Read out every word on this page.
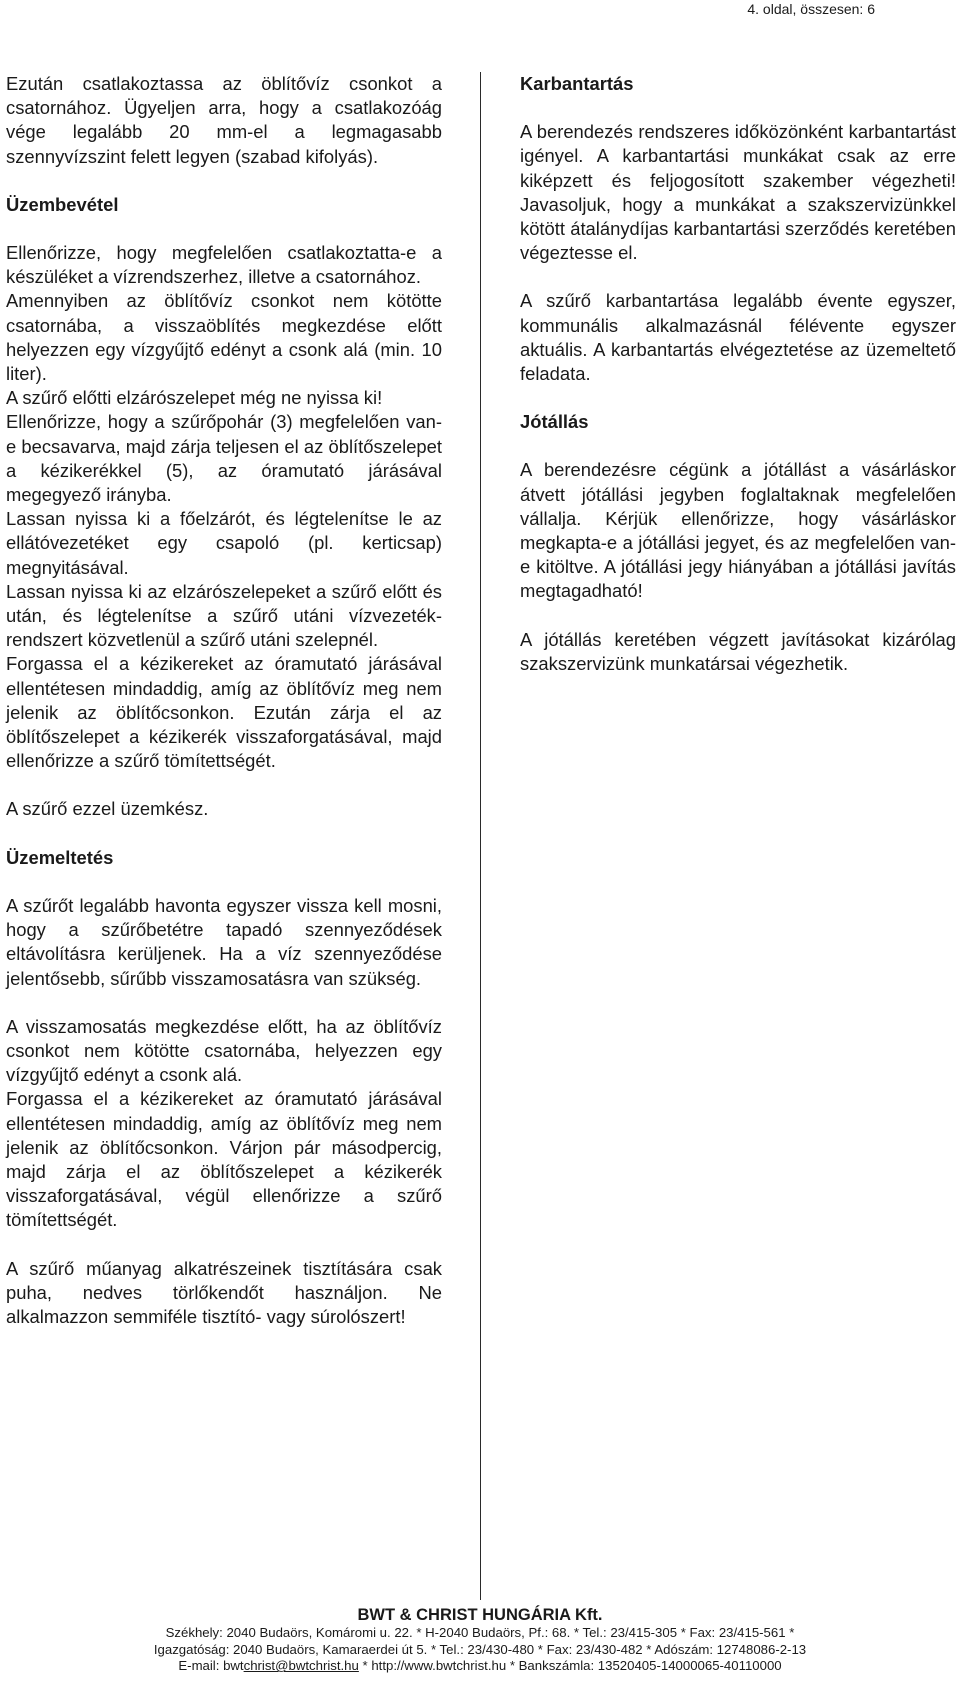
4. oldal, összesen: 6

Ezután csatlakoztassa az öblítővíz csonkot a csatornához. Ügyeljen arra, hogy a csatlakozóág vége legalább 20 mm-el a legmagasabb szennyvízszint felett legyen (szabad kifolyás).

Üzembevétel

Ellenőrizze, hogy megfelelően csatlakoztatta-e a készüléket a vízrendszerhez, illetve a csatornához.

Amennyiben az öblítővíz csonkot nem kötötte csatornába, a visszaöblítés megkezdése előtt helyezzen egy vízgyűjtő edényt a csonk alá (min. 10 liter).

A szűrő előtti elzárószelepet még ne nyissa ki!

Ellenőrizze, hogy a szűrőpohár (3) megfelelően van-e becsavarva, majd zárja teljesen el az öblítőszelepet a kézikerékkel (5), az óramutató járásával megegyező irányba.

Lassan nyissa ki a főelzárót, és légtelenítse le az ellátóvezetéket egy csapoló (pl. kerticsap) megnyitásával.

Lassan nyissa ki az elzárószelepeket a szűrő előtt és után, és légtelenítse a szűrő utáni vízvezeték-rendszert közvetlenül a szűrő utáni szelepnél.

Forgassa el a kézikereket az óramutató járásával ellentétesen mindaddig, amíg az öblítővíz meg nem jelenik az öblítőcsonkon. Ezután zárja el az öblítőszelepet a kézikerék visszaforgatásával, majd ellenőrizze a szűrő tömítettségét.

A szűrő ezzel üzemkész.

Üzemeltetés

A szűrőt legalább havonta egyszer vissza kell mosni, hogy a szűrőbetétre tapadó szennyeződések eltávolításra kerüljenek. Ha a víz szennyeződése jelentősebb, sűrűbb visszamosatásra van szükség.

A visszamosatás megkezdése előtt, ha az öblítővíz csonkot nem kötötte csatornába, helyezzen egy vízgyűjtő edényt a csonk alá.

Forgassa el a kézikereket az óramutató járásával ellentétesen mindaddig, amíg az öblítővíz meg nem jelenik az öblítőcsonkon. Várjon pár másodpercig, majd zárja el az öblítőszelepet a kézikerék visszaforgatásával, végül ellenőrizze a szűrő tömítettségét.

A szűrő műanyag alkatrészeinek tisztítására csak puha, nedves törlőkendőt használjon. Ne alkalmazzon semmiféle tisztító- vagy súrolószert!

Karbantartás

A berendezés rendszeres időközönként karbantartást igényel. A karbantartási munkákat csak az erre kiképzett és feljogosított szakember végezheti! Javasoljuk, hogy a munkákat a szakszervizünkkel kötött átalánydíjas karbantartási szerződés keretében végeztesse el.

A szűrő karbantartása legalább évente egyszer, kommunális alkalmazásnál félévente egyszer aktuális. A karbantartás elvégeztetése az üzemeltető feladata.

Jótállás

A berendezésre cégünk a jótállást a vásárláskor átvett jótállási jegyben foglaltaknak megfelelően vállalja. Kérjük ellenőrizze, hogy vásárláskor megkapta-e a jótállási jegyet, és az megfelelően van-e kitöltve. A jótállási jegy hiányában a jótállási javítás megtagadható!

A jótállás keretében végzett javításokat kizárólag szakszervizünk munkatársai végezhetik.

BWT & CHRIST HUNGÁRIA Kft.
Székhely: 2040 Budaörs, Komáromi u. 22. * H-2040 Budaörs, Pf.: 68. * Tel.: 23/415-305 * Fax: 23/415-561 *
Igazgatóság: 2040 Budaörs, Kamaraerdei út 5. * Tel.: 23/430-480 * Fax: 23/430-482 * Adószám: 12748086-2-13
E-mail: bwtchrist@bwtchrist.hu * http://www.bwtchrist.hu * Bankszámla: 13520405-14000065-40110000
